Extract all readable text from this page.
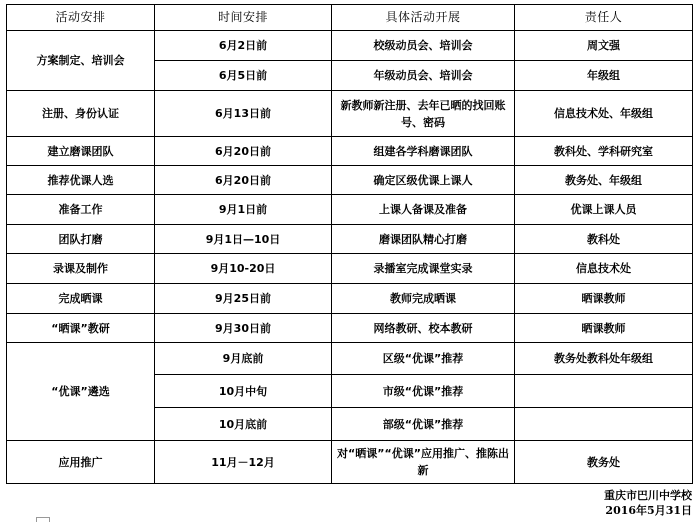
活动安排	时间安排	具体活动开展	责任人
方案制定、培训会	6月2日前	校级动员会、培训会	周文强
	6月5日前	年级动员会、培训会	年级组
注册、身份认证	6月13日前	新教师新注册、去年已晒的找回账号、密码	信息技术处、年级组
建立磨课团队	6月20日前	组建各学科磨课团队	教科处、学科研究室
推荐优课人选	6月20日前	确定区级优课上课人	教务处、年级组
准备工作	9月1日前	上课人备课及准备	优课上课人员
团队打磨	9月1日—10日	磨课团队精心打磨	教科处
录课及制作	9月10-20日	录播室完成课堂实录	信息技术处
完成晒课	9月25日前	教师完成晒课	晒课教师
“晒课”教研	9月30日前	网络教研、校本教研	晒课教师
“优课”遴选	9月底前	区级“优课”推荐	教务处教科处年级组
	10月中旬	市级“优课”推荐	
	10月底前	部级“优课”推荐	
应用推广	11月－12月	对“晒课”“优课”应用推广、推陈出新	教务处
重庆市巴川中学校
2016年5月31日
